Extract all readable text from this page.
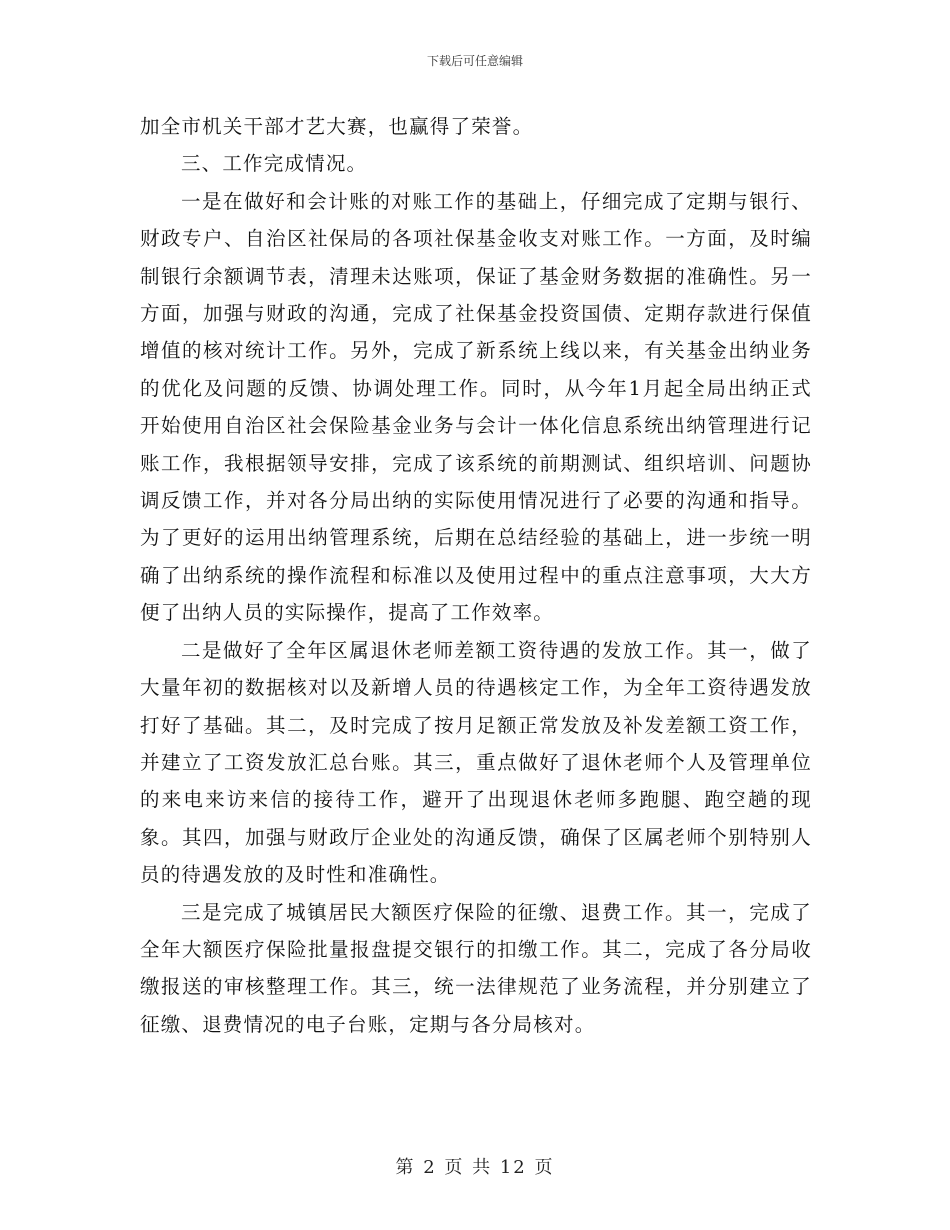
下载后可任意编辑

加全市机关干部才艺大赛，也赢得了荣誉。

三、工作完成情况。

一是在做好和会计账的对账工作的基础上，仔细完成了定期与银行、财政专户、自治区社保局的各项社保基金收支对账工作。一方面，及时编制银行余额调节表，清理未达账项，保证了基金财务数据的准确性。另一方面，加强与财政的沟通，完成了社保基金投资国债、定期存款进行保值增值的核对统计工作。另外，完成了新系统上线以来，有关基金出纳业务的优化及问题的反馈、协调处理工作。同时，从今年1月起全局出纳正式开始使用自治区社会保险基金业务与会计一体化信息系统出纳管理进行记账工作，我根据领导安排，完成了该系统的前期测试、组织培训、问题协调反馈工作，并对各分局出纳的实际使用情况进行了必要的沟通和指导。为了更好的运用出纳管理系统，后期在总结经验的基础上，进一步统一明确了出纳系统的操作流程和标准以及使用过程中的重点注意事项，大大方便了出纳人员的实际操作，提高了工作效率。

二是做好了全年区属退休老师差额工资待遇的发放工作。其一，做了大量年初的数据核对以及新增人员的待遇核定工作，为全年工资待遇发放打好了基础。其二，及时完成了按月足额正常发放及补发差额工资工作，并建立了工资发放汇总台账。其三，重点做好了退休老师个人及管理单位的来电来访来信的接待工作，避开了出现退休老师多跑腿、跑空趟的现象。其四，加强与财政厅企业处的沟通反馈，确保了区属老师个别特别人员的待遇发放的及时性和准确性。

三是完成了城镇居民大额医疗保险的征缴、退费工作。其一，完成了全年大额医疗保险批量报盘提交银行的扣缴工作。其二，完成了各分局收缴报送的审核整理工作。其三，统一法律规范了业务流程，并分别建立了征缴、退费情况的电子台账，定期与各分局核对。

第 2 页 共 12 页
